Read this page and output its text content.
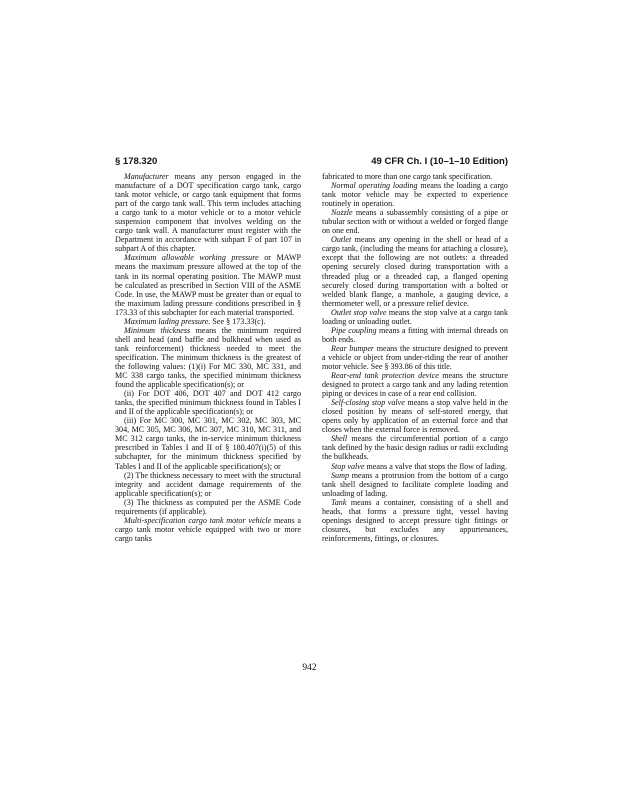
§ 178.320	49 CFR Ch. I (10–1–10 Edition)

Manufacturer means any person engaged in the manufacture of a DOT specification cargo tank, cargo tank motor vehicle, or cargo tank equipment that forms part of the cargo tank wall. This term includes attaching a cargo tank to a motor vehicle or to a motor vehicle suspension component that involves welding on the cargo tank wall. A manufacturer must register with the Department in accordance with subpart F of part 107 in subpart A of this chapter.

Maximum allowable working pressure or MAWP means the maximum pressure allowed at the top of the tank in its normal operating position. The MAWP must be calculated as prescribed in Section VIII of the ASME Code. In use, the MAWP must be greater than or equal to the maximum lading pressure conditions prescribed in § 173.33 of this subchapter for each material transported.

Maximum lading pressure. See § 173.33(c).

Minimum thickness means the minimum required shell and head (and baffle and bulkhead when used as tank reinforcement) thickness needed to meet the specification. The minimum thickness is the greatest of the following values: (1)(i) For MC 330, MC 331, and MC 338 cargo tanks, the specified minimum thickness found the applicable specification(s); or

(ii) For DOT 406, DOT 407 and DOT 412 cargo tanks, the specified minimum thickness found in Tables I and II of the applicable specification(s); or

(iii) For MC 300, MC 301, MC 302, MC 303, MC 304, MC 305, MC 306, MC 307, MC 310, MC 311, and MC 312 cargo tanks, the in-service minimum thickness prescribed in Tables I and II of § 180.407(i)(5) of this subchapter, for the minimum thickness specified by Tables I and II of the applicable specification(s); or

(2) The thickness necessary to meet with the structural integrity and accident damage requirements of the applicable specification(s); or

(3) The thickness as computed per the ASME Code requirements (if applicable).

Multi-specification cargo tank motor vehicle means a cargo tank motor vehicle equipped with two or more cargo tanks

fabricated to more than one cargo tank specification.

Normal operating loading means the loading a cargo tank motor vehicle may be expected to experience routinely in operation.

Nozzle means a subassembly consisting of a pipe or tubular section with or without a welded or forged flange on one end.

Outlet means any opening in the shell or head of a cargo tank, (including the means for attaching a closure), except that the following are not outlets: a threaded opening securely closed during transportation with a threaded plug or a threaded cap, a flanged opening securely closed during transportation with a bolted or welded blank flange, a manhole, a gauging device, a thermometer well, or a pressure relief device.

Outlet stop valve means the stop valve at a cargo tank loading or unloading outlet.

Pipe coupling means a fitting with internal threads on both ends.

Rear bumper means the structure designed to prevent a vehicle or object from under-riding the rear of another motor vehicle. See § 393.86 of this title.

Rear-end tank protection device means the structure designed to protect a cargo tank and any lading retention piping or devices in case of a rear end collision.

Self-closing stop valve means a stop valve held in the closed position by means of self-stored energy, that opens only by application of an external force and that closes when the external force is removed.

Shell means the circumferential portion of a cargo tank defined by the basic design radius or radii excluding the bulkheads.

Stop valve means a valve that stops the flow of lading.

Sump means a protrusion from the bottom of a cargo tank shell designed to facilitate complete loading and unloading of lading.

Tank means a container, consisting of a shell and heads, that forms a pressure tight, vessel having openings designed to accept pressure tight fittings or closures, but excludes any appurtenances, reinforcements, fittings, or closures.

942
